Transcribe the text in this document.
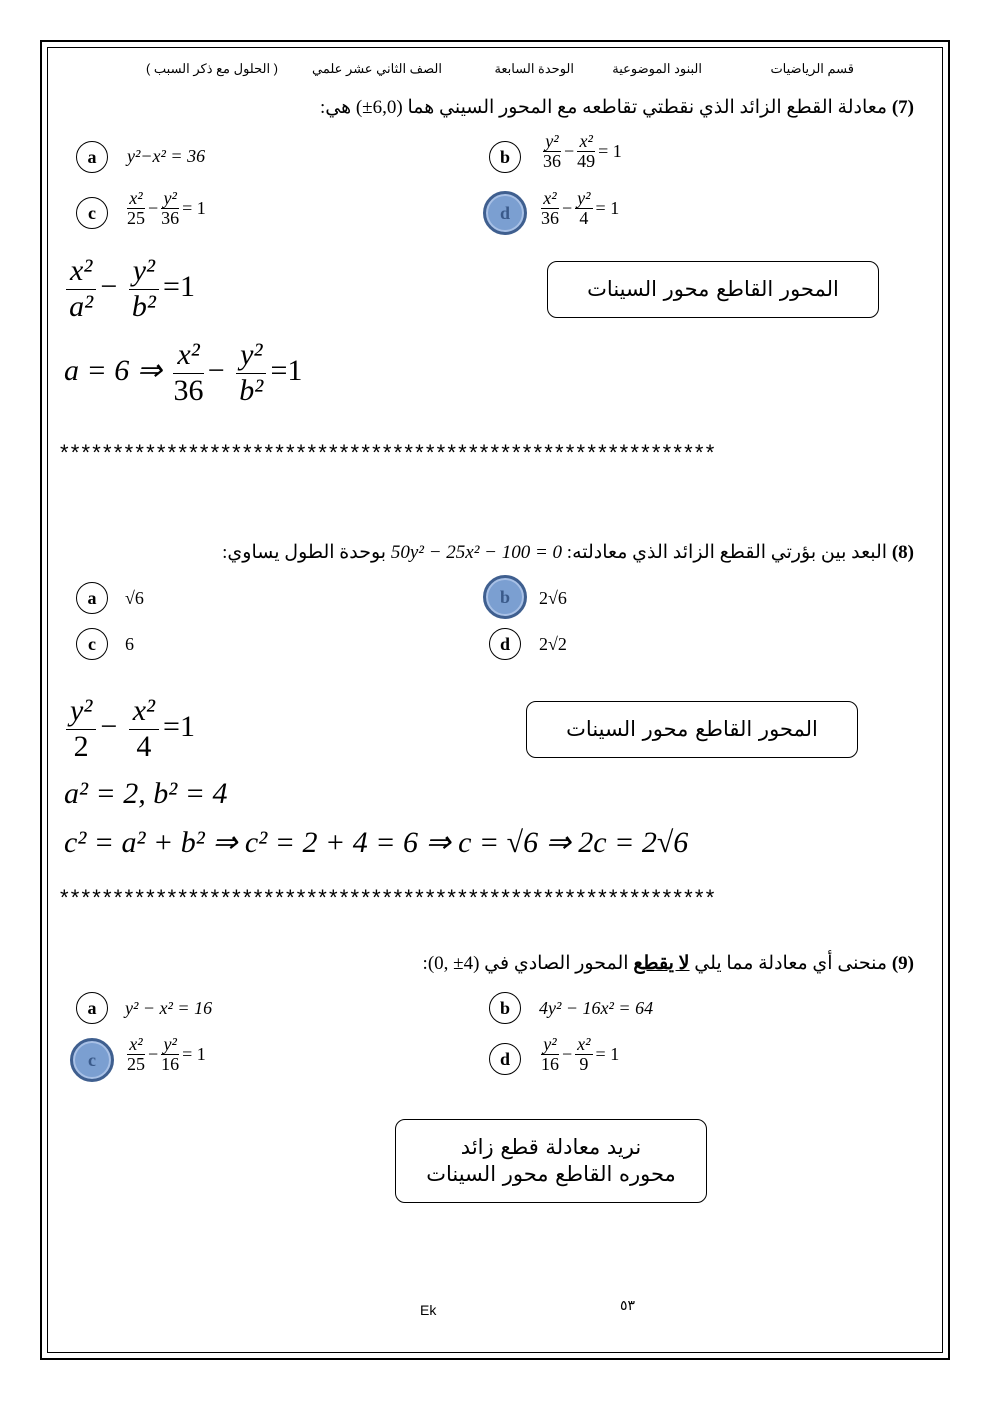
قسم الرياضيات
البنود الموضوعية
الوحدة السابعة
الصف الثاني عشر علمي
( الحلول مع ذكر السبب )
(7) معادلة القطع الزائد الذي نقطتي تقاطعه مع المحور السيني هما (±6,0) هي:
a	y²−x² = 36	b	$\frac{\text{y²}}{36} - \frac{\text{x²}}{49} = 1$
c	$\frac{\text{x²}}{25} - \frac{\text{y²}}{36} = 1$	d	$\frac{\text{x²}}{36} - \frac{\text{y²}}{4} = 1$
المحور القاطع محور السينات
$\frac{\text{x²}}{\text{a²}} - \frac{\text{y²}}{\text{b²}} =1$
a = 6 ⇒ $\frac{\text{x²}}{36} - \frac{\text{y²}}{\text{b²}} =1$
*************************************************************
(8) البعد بين بؤرتي القطع الزائد الذي معادلته: 50y² − 25x² − 100 = 0 بوحدة الطول يساوي:
a	√6	b	2√6
c	6	d	2√2
المحور القاطع محور السينات
$\frac{\text{y²}}{2} - \frac{\text{x²}}{4} =1$
a² = 2, b² = 4
c² = a² + b² ⇒ c² = 2 + 4 = 6 ⇒ c = √6 ⇒ 2c = 2√6
*************************************************************
(9) منحنى أي معادلة مما يلي لا يقطع المحور الصادي في (0, ±4):
a	y² − x² = 16	b	4y² − 16x² = 64
c	$\frac{\text{x²}}{25} - \frac{\text{y²}}{16} = 1$	d	$\frac{\text{y²}}{16} - \frac{\text{x²}}{9} = 1$
نريد معادلة قطع زائد
محوره القاطع محور السينات
Ek	٥٣
